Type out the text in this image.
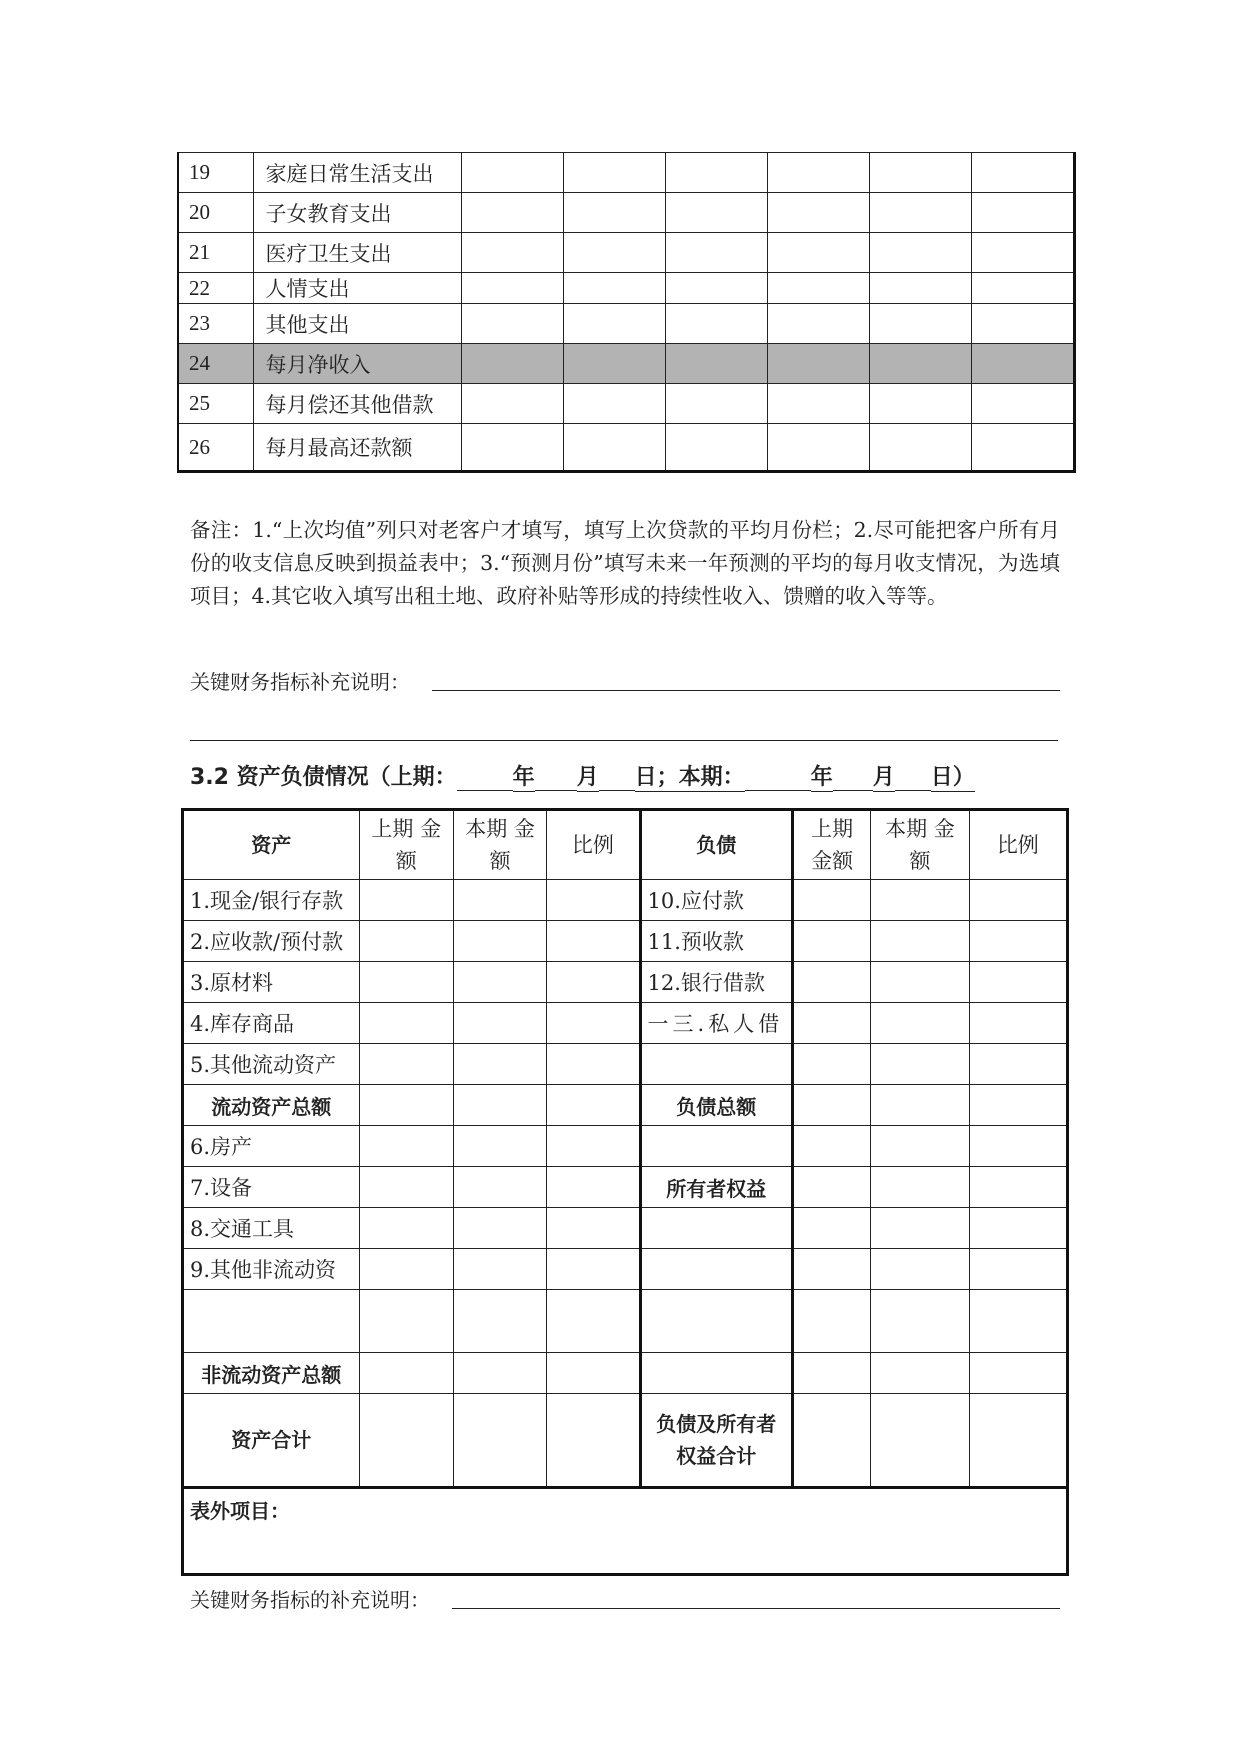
19	家庭日常生活支出						
20	子女教育支出						
21	医疗卫生支出						
22	人情支出						
23	其他支出						
24	每月净收入						
25	每月偿还其他借款						
26	每月最高还款额						
备注：1.“上次均值”列只对老客户才填写，填写上次贷款的平均月份栏；2.尽可能把客户所有月份的收支信息反映到损益表中；3.“预测月份”填写未来一年预测的平均的每月收支情况，为选填项目；4.其它收入填写出租土地、政府补贴等形成的持续性收入、馈赠的收入等等。
关键财务指标补充说明：
3.2 资产负债情况（上期：	年 月 日；本期：	年 月 日）
资产	上期 金额	本期 金额	比例	负债	上期 金额	本期 金额	比例
1.现金/银行存款				10.应付款			
2.应收款/预付款				11.预收款			
3.原材料				12.银行借款			
4.库存商品				一三.私人借			
5.其他流动资产							
流动资产总额				负债总额			
6.房产							
7.设备				所有者权益			
8.交通工具							
9.其他非流动资							

非流动资产总额							
资产合计				负债及所有者 权益合计			
表外项目：							
关键财务指标的补充说明：
